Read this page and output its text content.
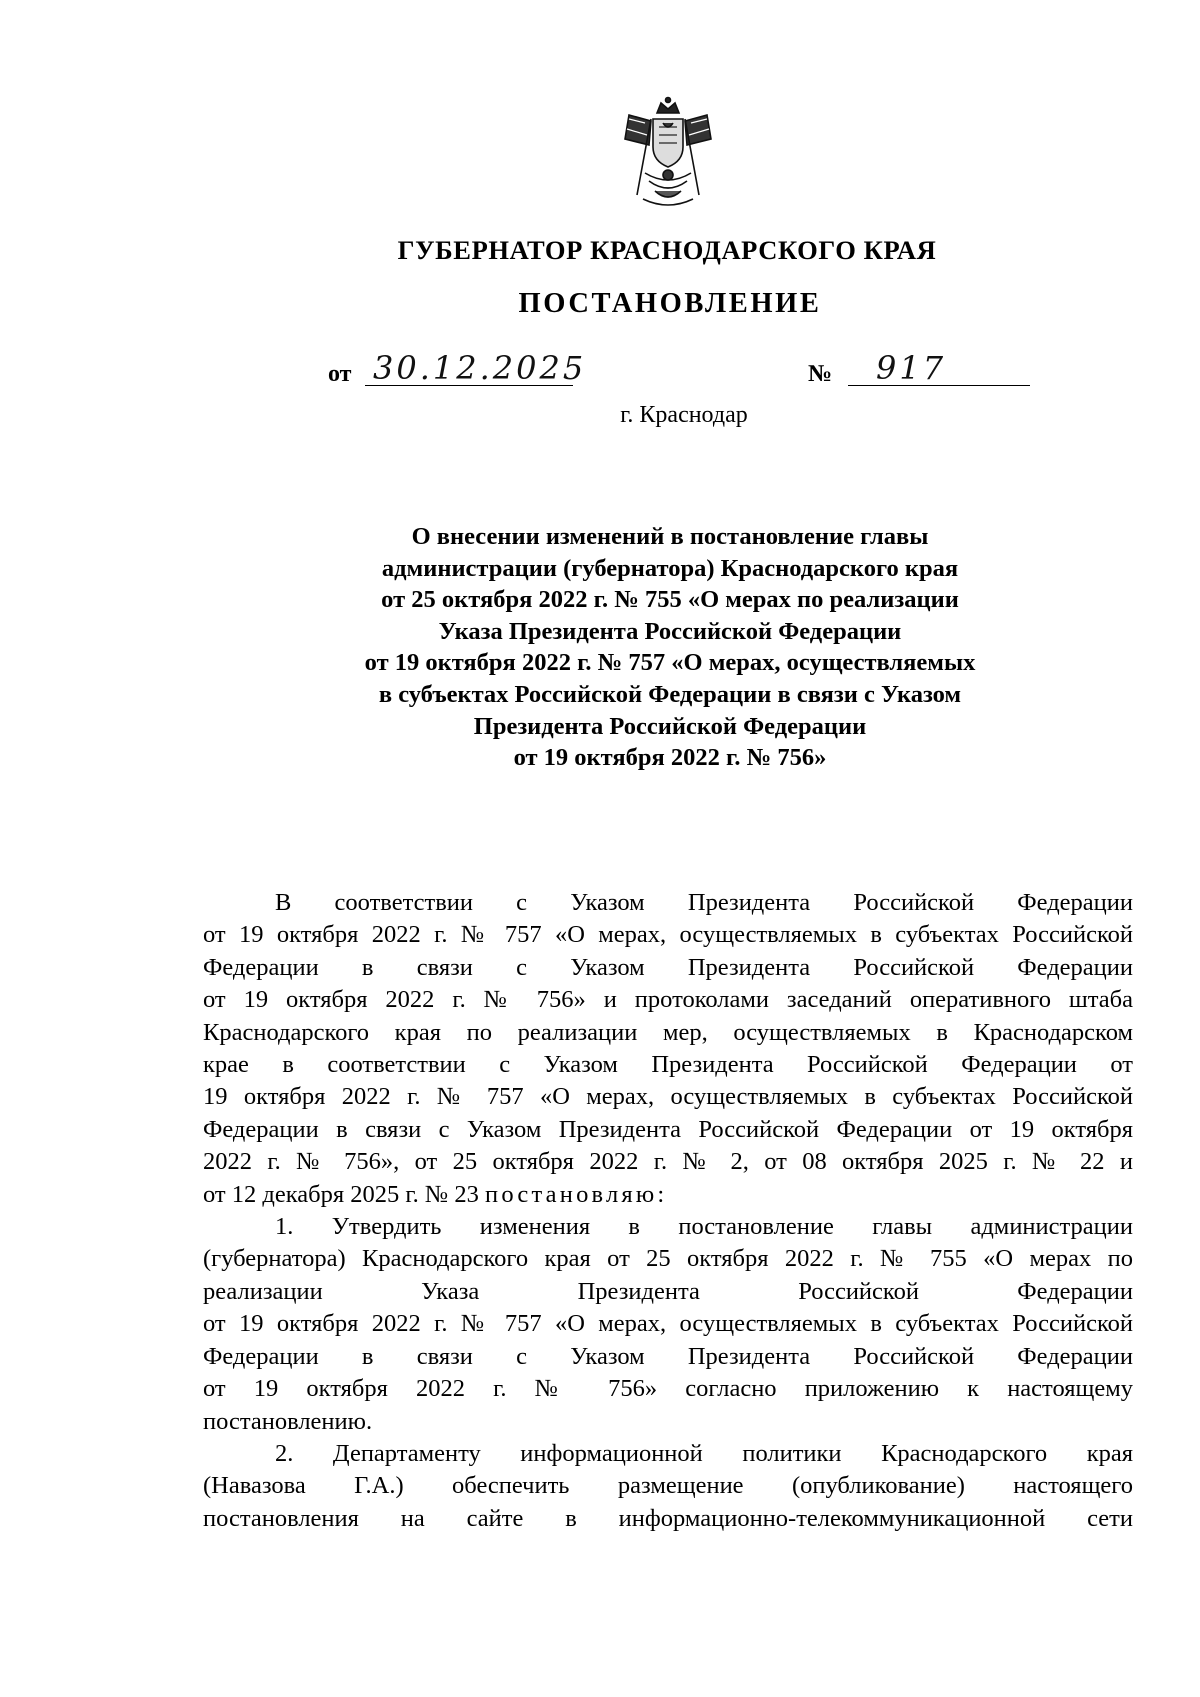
ГУБЕРНАТОР КРАСНОДАРСКОГО КРАЯ
ПОСТАНОВЛЕНИЕ
от 30.12.2025	№ 917
г. Краснодар
О внесении изменений в постановление главы
администрации (губернатора) Краснодарского края
от 25 октября 2022 г. № 755 «О мерах по реализации
Указа Президента Российской Федерации
от 19 октября 2022 г. № 757 «О мерах, осуществляемых
в субъектах Российской Федерации в связи с Указом
Президента Российской Федерации
от 19 октября 2022 г. № 756»
В соответствии с Указом Президента Российской Федерации
от 19 октября 2022 г. № 757 «О мерах, осуществляемых в субъектах Российской
Федерации в связи с Указом Президента Российской Федерации
от 19 октября 2022 г. № 756» и протоколами заседаний оперативного штаба
Краснодарского края по реализации мер, осуществляемых в Краснодарском
крае в соответствии с Указом Президента Российской Федерации от
19 октября 2022 г. № 757 «О мерах, осуществляемых в субъектах Российской
Федерации в связи с Указом Президента Российской Федерации от 19 октября
2022 г. № 756», от 25 октября 2022 г. № 2, от 08 октября 2025 г. № 22 и
от 12 декабря 2025 г. № 23 постановляю:
1. Утвердить изменения в постановление главы администрации
(губернатора) Краснодарского края от 25 октября 2022 г. № 755 «О мерах по
реализации Указа Президента Российской Федерации
от 19 октября 2022 г. № 757 «О мерах, осуществляемых в субъектах Российской
Федерации в связи с Указом Президента Российской Федерации
от 19 октября 2022 г. № 756» согласно приложению к настоящему
постановлению.
2. Департаменту информационной политики Краснодарского края
(Навазова Г.А.) обеспечить размещение (опубликование) настоящего
постановления на сайте в информационно-телекоммуникационной сети
